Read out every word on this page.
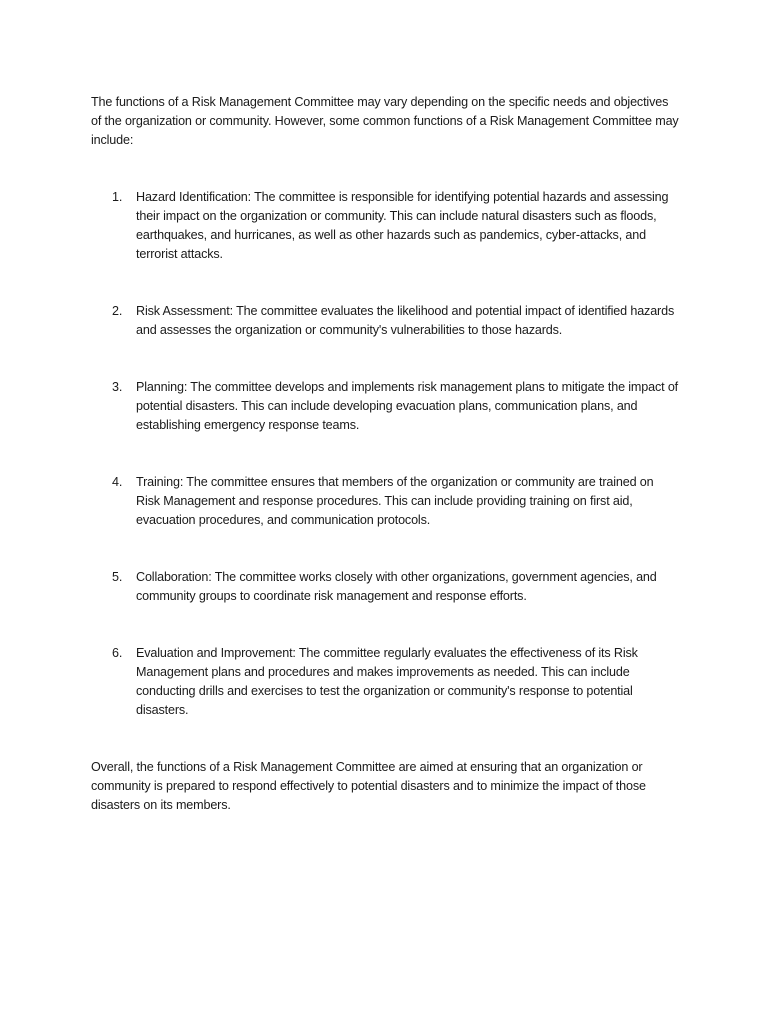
The functions of a Risk Management Committee may vary depending on the specific needs and objectives of the organization or community. However, some common functions of a Risk Management Committee may include:

1. Hazard Identification: The committee is responsible for identifying potential hazards and assessing their impact on the organization or community. This can include natural disasters such as floods, earthquakes, and hurricanes, as well as other hazards such as pandemics, cyber-attacks, and terrorist attacks.
2. Risk Assessment: The committee evaluates the likelihood and potential impact of identified hazards and assesses the organization or community's vulnerabilities to those hazards.
3. Planning: The committee develops and implements risk management plans to mitigate the impact of potential disasters. This can include developing evacuation plans, communication plans, and establishing emergency response teams.
4. Training: The committee ensures that members of the organization or community are trained on Risk Management and response procedures. This can include providing training on first aid, evacuation procedures, and communication protocols.
5. Collaboration: The committee works closely with other organizations, government agencies, and community groups to coordinate risk management and response efforts.
6. Evaluation and Improvement: The committee regularly evaluates the effectiveness of its Risk Management plans and procedures and makes improvements as needed. This can include conducting drills and exercises to test the organization or community's response to potential disasters.

Overall, the functions of a Risk Management Committee are aimed at ensuring that an organization or community is prepared to respond effectively to potential disasters and to minimize the impact of those disasters on its members.
